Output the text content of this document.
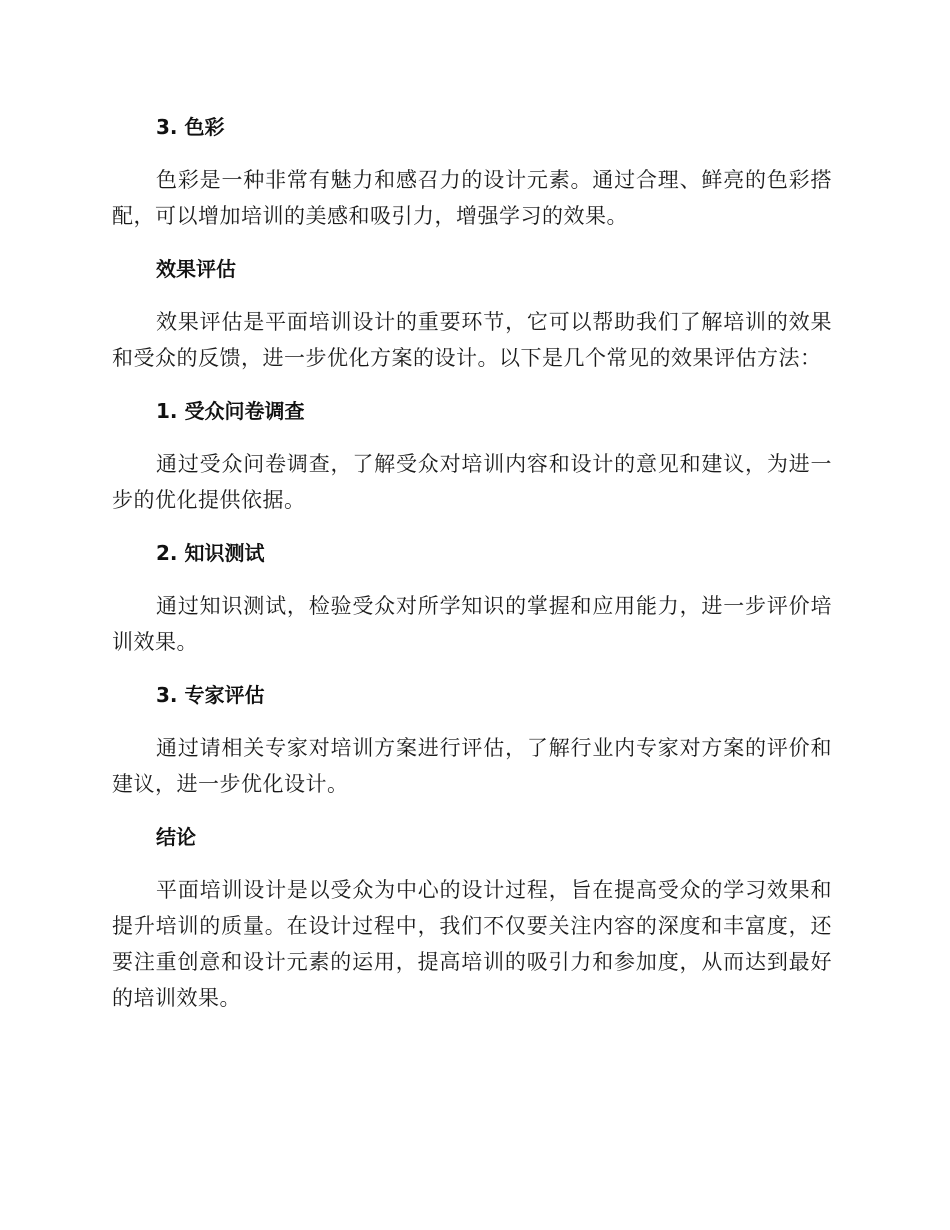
3. 色彩

色彩是一种非常有魅力和感召力的设计元素。通过合理、鲜亮的色彩搭配，可以增加培训的美感和吸引力，增强学习的效果。

效果评估

效果评估是平面培训设计的重要环节，它可以帮助我们了解培训的效果和受众的反馈，进一步优化方案的设计。以下是几个常见的效果评估方法：

1. 受众问卷调查

通过受众问卷调查，了解受众对培训内容和设计的意见和建议，为进一步的优化提供依据。

2. 知识测试

通过知识测试，检验受众对所学知识的掌握和应用能力，进一步评价培训效果。

3. 专家评估

通过请相关专家对培训方案进行评估，了解行业内专家对方案的评价和建议，进一步优化设计。

结论

平面培训设计是以受众为中心的设计过程，旨在提高受众的学习效果和提升培训的质量。在设计过程中，我们不仅要关注内容的深度和丰富度，还要注重创意和设计元素的运用，提高培训的吸引力和参加度，从而达到最好的培训效果。
